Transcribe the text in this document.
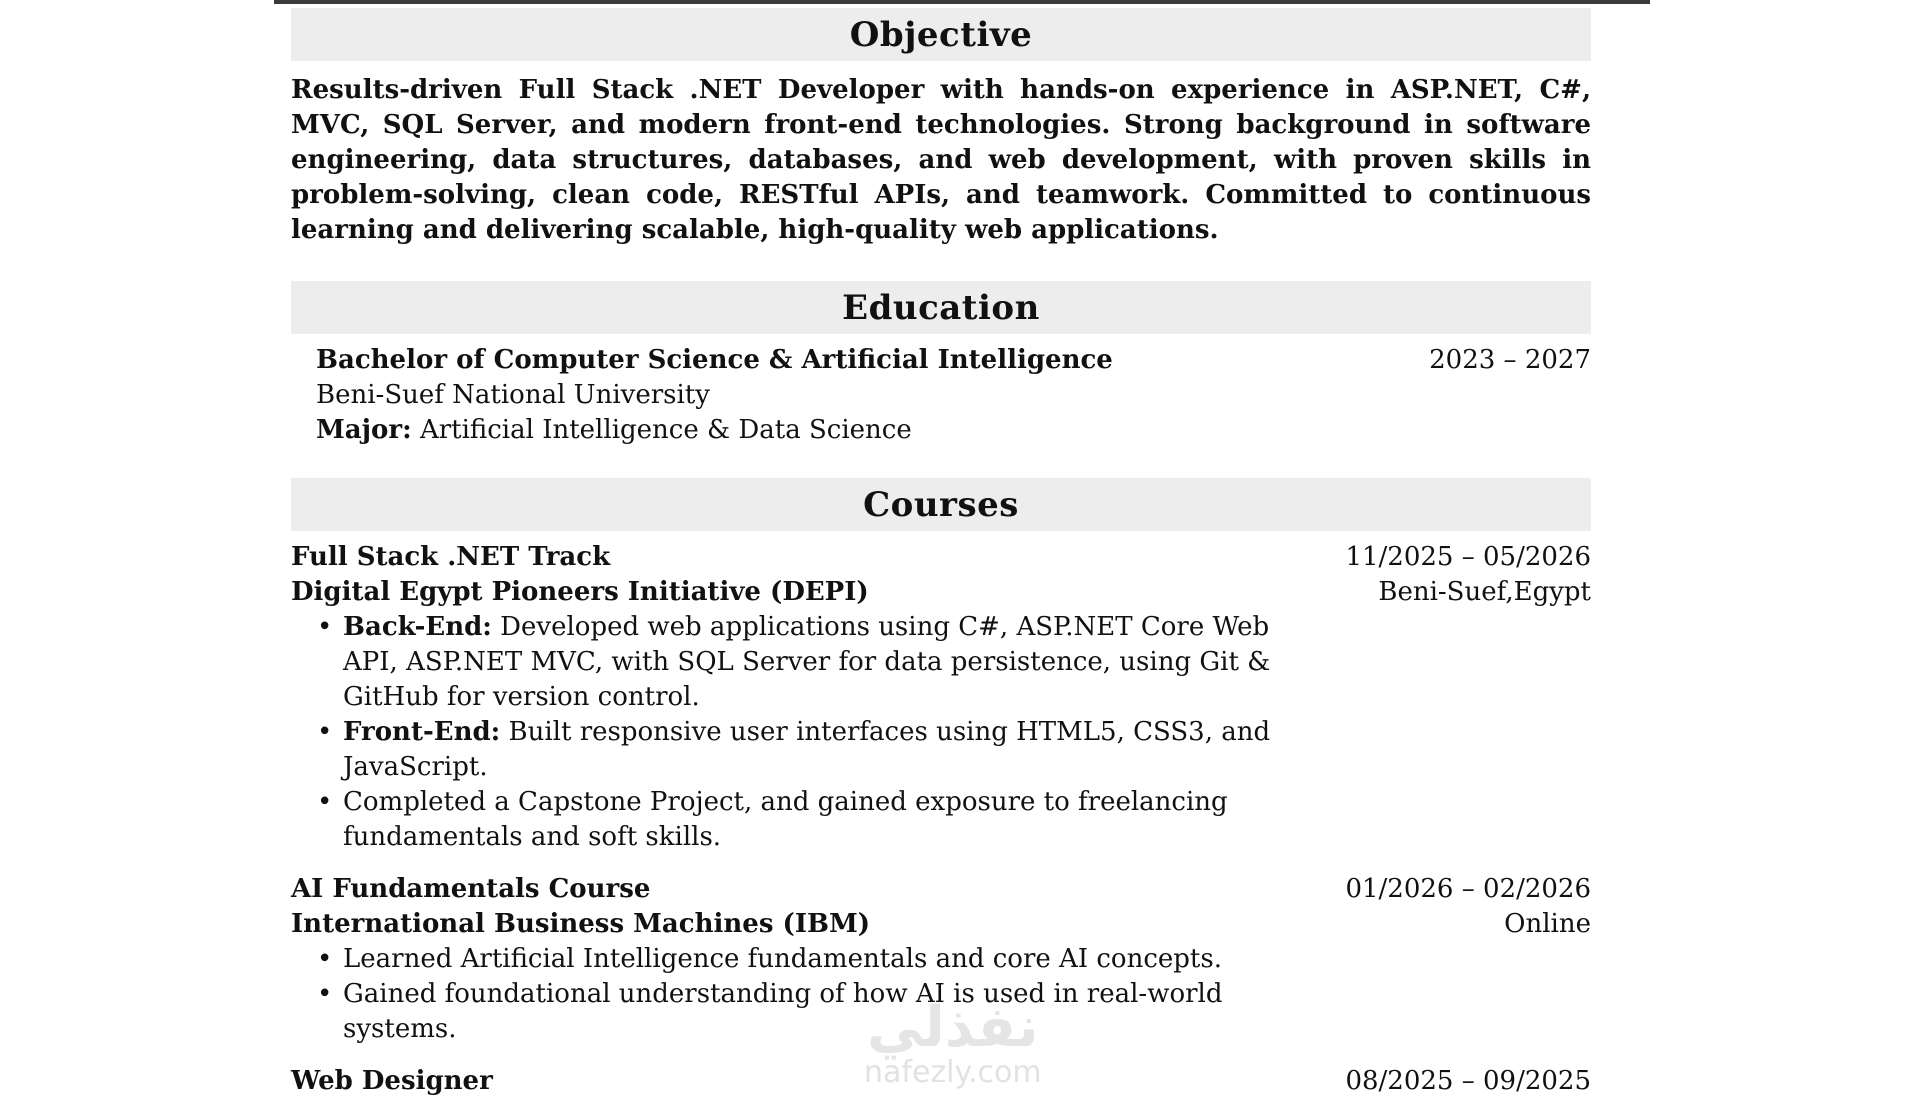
Objective
Results-driven Full Stack .NET Developer with hands-on experience in ASP.NET, C#, MVC, SQL Server, and modern front-end technologies. Strong background in software engineering, data structures, databases, and web development, with proven skills in problem-solving, clean code, RESTful APIs, and teamwork. Committed to continuous learning and delivering scalable, high-quality web applications.
Education
Bachelor of Computer Science & Artificial Intelligence	2023 – 2027
Beni-Suef National University
Major: Artificial Intelligence & Data Science
Courses
Full Stack .NET Track	11/2025 – 05/2026
Digital Egypt Pioneers Initiative (DEPI)	Beni-Suef,Egypt
• Back-End: Developed web applications using C#, ASP.NET Core Web API, ASP.NET MVC, with SQL Server for data persistence, using Git & GitHub for version control.
• Front-End: Built responsive user interfaces using HTML5, CSS3, and JavaScript.
• Completed a Capstone Project, and gained exposure to freelancing fundamentals and soft skills.
AI Fundamentals Course	01/2026 – 02/2026
International Business Machines (IBM)	Online
• Learned Artificial Intelligence fundamentals and core AI concepts.
• Gained foundational understanding of how AI is used in real-world systems.
Web Designer	08/2025 – 09/2025
نفذلي
nafezly.com
